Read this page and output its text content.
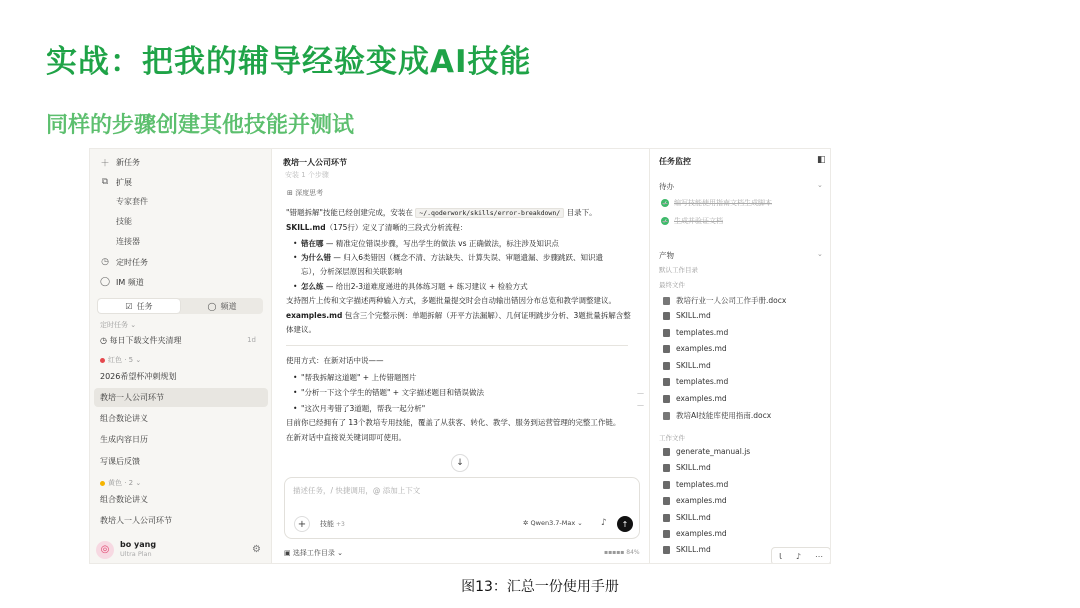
实战：把我的辅导经验变成AI技能
同样的步骤创建其他技能并测试
＋ 新任务
⧉ 扩展
专家套件
技能
连接器
◷ 定时任务
◯ IM 频道
☑ 任务	◯ 频道
定时任务 ⌄
◷ 每日下载文件夹清理	1d
红色 · 5 ⌄
2026希望杯冲刺规划
教培一人公司环节
组合数论讲义
生成内容日历
写课后反馈
黄色 · 2 ⌄
组合数论讲义
教培人一人公司环节
◎	bo yang
Ultra Plan	⚙
教培一人公司环节
安装 1 个步骤
⊞ 深度思考
"错题拆解"技能已经创建完成，安装在 ~/.qoderwork/skills/error-breakdown/ 目录下。
SKILL.md（175行）定义了清晰的三段式分析流程：
• 错在哪 — 精准定位错误步骤，写出学生的做法 vs 正确做法，标注涉及知识点
• 为什么错 — 归入6类错因（概念不清、方法缺失、计算失误、审题遗漏、步骤跳跃、知识遗忘），分析深层原因和关联影响
• 怎么练 — 给出2-3道难度递进的具体练习题 + 练习建议 + 检验方式
支持图片上传和文字描述两种输入方式，多题批量提交时会自动输出错因分布总览和教学调整建议。
examples.md 包含三个完整示例：单题拆解（开平方法漏解）、几何证明跳步分析、3题批量拆解含整体建议。
使用方式：在新对话中说——
• "帮我拆解这道题" + 上传错题图片
• "分析一下这个学生的错题" + 文字描述题目和错误做法
• "这次月考错了3道题，帮我一起分析"
目前你已经拥有了 13个教培专用技能，覆盖了从获客、转化、教学、服务到运营管理的完整工作链。
在新对话中直接说关键词即可使用。
—
—
↓
描述任务，/ 快捷调用，@ 添加上下文
+ 技能 +3	✲ Qwen3.7-Max ⌄ ♪ ↑
▣ 选择工作目录 ⌄	▪▪▪▪▪ 84%
任务监控	◧
待办	⌄
✓ 编写技能使用指南文档生成脚本
✓ 生成并验证文档
产物	⌄
默认工作目录
最终文件
教培行业一人公司工作手册.docx
SKILL.md
templates.md
examples.md
SKILL.md
templates.md
examples.md
教培AI技能库使用指南.docx
工作文件
generate_manual.js
SKILL.md
templates.md
examples.md
SKILL.md
examples.md
SKILL.md
Ɩ ♪ ⋯
图13：汇总一份使用手册
